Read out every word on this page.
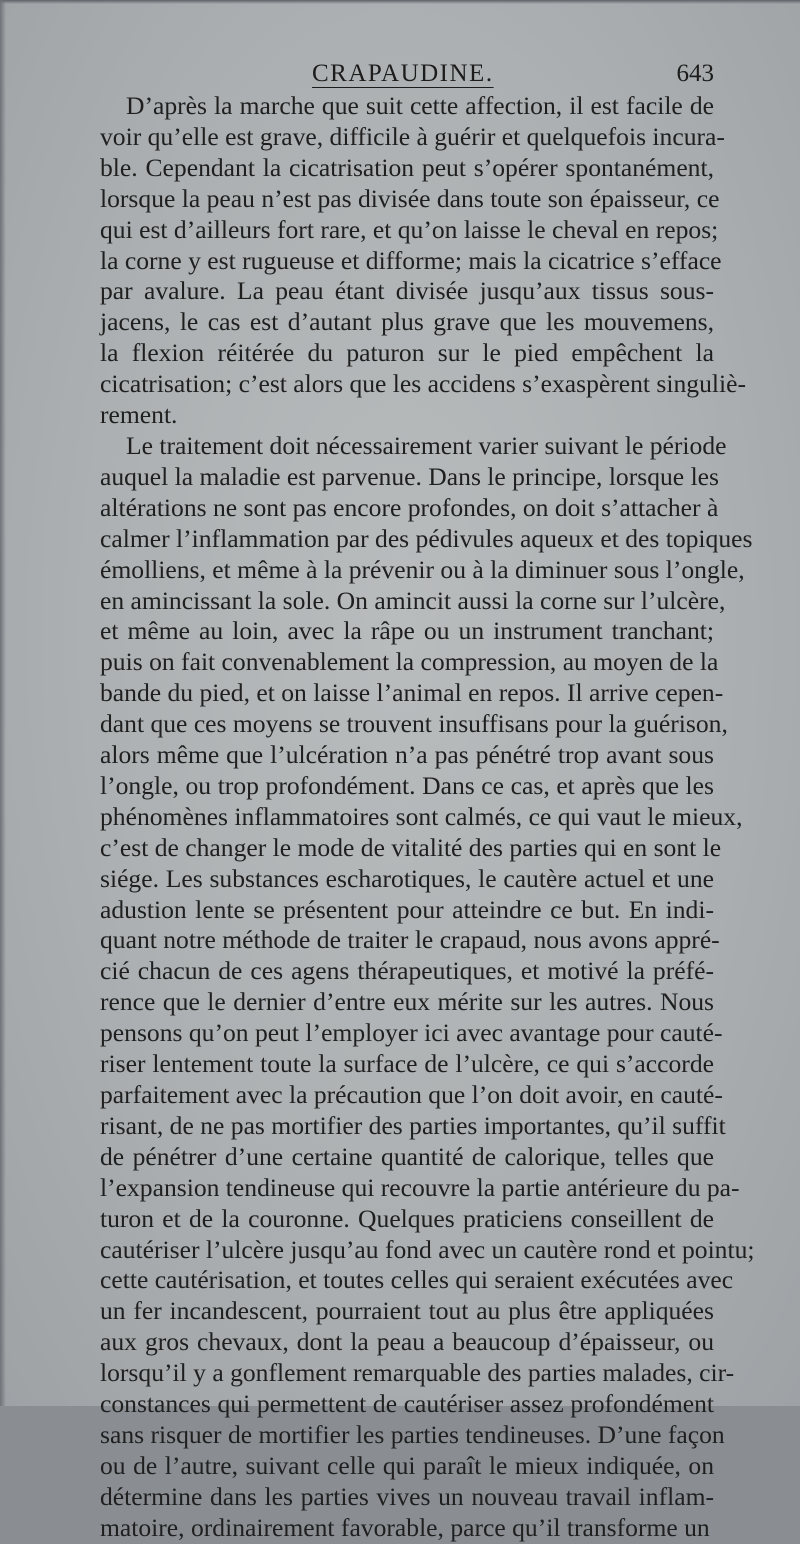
CRAPAUDINE.	643

D’après la marche que suit cette affection, il est facile de
voir qu’elle est grave, difficile à guérir et quelquefois incura-
ble. Cependant la cicatrisation peut s’opérer spontanément,
lorsque la peau n’est pas divisée dans toute son épaisseur, ce
qui est d’ailleurs fort rare, et qu’on laisse le cheval en repos;
la corne y est rugueuse et difforme; mais la cicatrice s’efface
par avalure. La peau étant divisée jusqu’aux tissus sous-
jacens, le cas est d’autant plus grave que les mouvemens,
la flexion réitérée du paturon sur le pied empêchent la
cicatrisation; c’est alors que les accidens s’exaspèrent singuliè-
rement.

Le traitement doit nécessairement varier suivant le période
auquel la maladie est parvenue. Dans le principe, lorsque les
altérations ne sont pas encore profondes, on doit s’attacher à
calmer l’inflammation par des pédivules aqueux et des topiques
émolliens, et même à la prévenir ou à la diminuer sous l’ongle,
en amincissant la sole. On amincit aussi la corne sur l’ulcère,
et même au loin, avec la râpe ou un instrument tranchant;
puis on fait convenablement la compression, au moyen de la
bande du pied, et on laisse l’animal en repos. Il arrive cepen-
dant que ces moyens se trouvent insuffisans pour la guérison,
alors même que l’ulcération n’a pas pénétré trop avant sous
l’ongle, ou trop profondément. Dans ce cas, et après que les
phénomènes inflammatoires sont calmés, ce qui vaut le mieux,
c’est de changer le mode de vitalité des parties qui en sont le
siége. Les substances escharotiques, le cautère actuel et une
adustion lente se présentent pour atteindre ce but. En indi-
quant notre méthode de traiter le crapaud, nous avons appré-
cié chacun de ces agens thérapeutiques, et motivé la préfé-
rence que le dernier d’entre eux mérite sur les autres. Nous
pensons qu’on peut l’employer ici avec avantage pour cauté-
riser lentement toute la surface de l’ulcère, ce qui s’accorde
parfaitement avec la précaution que l’on doit avoir, en cauté-
risant, de ne pas mortifier des parties importantes, qu’il suffit
de pénétrer d’une certaine quantité de calorique, telles que
l’expansion tendineuse qui recouvre la partie antérieure du pa-
turon et de la couronne. Quelques praticiens conseillent de
cautériser l’ulcère jusqu’au fond avec un cautère rond et pointu;
cette cautérisation, et toutes celles qui seraient exécutées avec
un fer incandescent, pourraient tout au plus être appliquées
aux gros chevaux, dont la peau a beaucoup d’épaisseur, ou
lorsqu’il y a gonflement remarquable des parties malades, cir-
constances qui permettent de cautériser assez profondément
sans risquer de mortifier les parties tendineuses. D’une façon
ou de l’autre, suivant celle qui paraît le mieux indiquée, on
détermine dans les parties vives un nouveau travail inflam-
matoire, ordinairement favorable, parce qu’il transforme un
